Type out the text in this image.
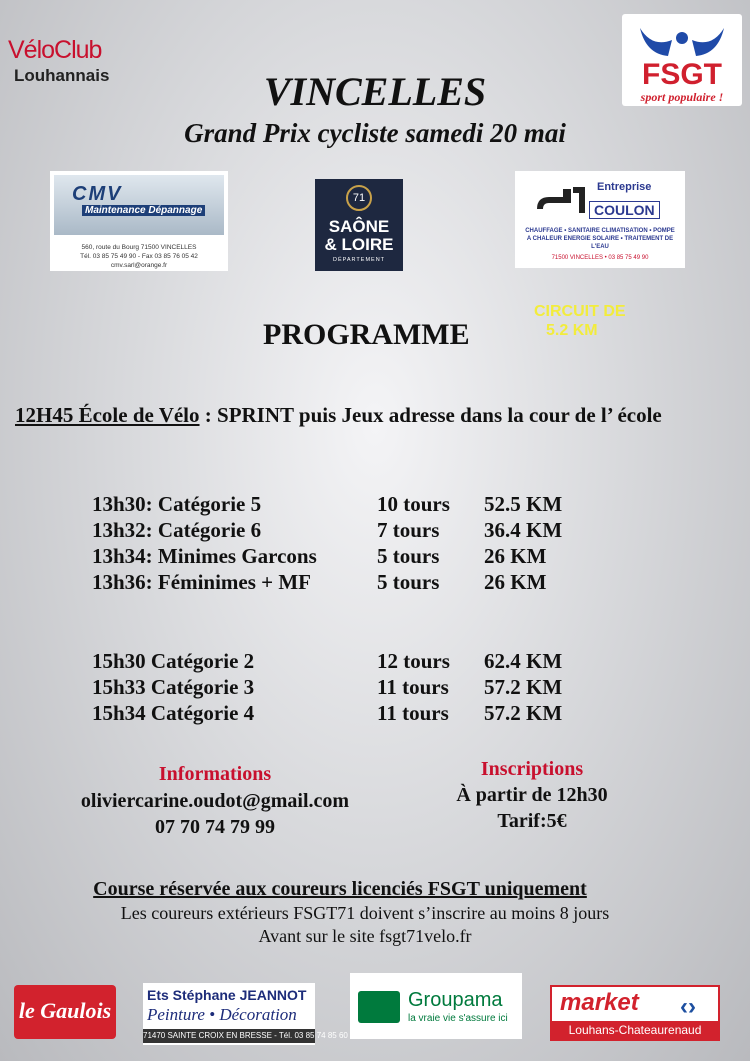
VéloClub
Louhannais	FSGT
sport populaire !
VINCELLES
Grand Prix cycliste samedi 20 mai
CMV
Maintenance Dépannage
560, route du Bourg 71500 VINCELLES
Tél. 03 85 75 49 90 - Fax 03 85 76 05 42
cmv.sarl@orange.fr
71
SAÔNE
& LOIRE
DÉPARTEMENT
Entreprise
COULON
CHAUFFAGE • SANITAIRE CLIMATISATION • POMPE A CHALEUR ENERGIE SOLAIRE • TRAITEMENT DE L'EAU
71500 VINCELLES • 03 85 75 49 90
CIRCUIT DE
5.2 KM
PROGRAMME
12H45 École de Vélo : SPRINT puis Jeux adresse dans la cour de l’ école
13h30: Catégorie 5	10 tours 52.5 KM
13h32: Catégorie 6	7 tours 36.4 KM
13h34: Minimes Garcons	5 tours 26 KM
13h36: Féminimes + MF	5 tours 26 KM
15h30 Catégorie 2	12 tours 62.4 KM
15h33 Catégorie 3	11 tours 57.2 KM
15h34 Catégorie 4	11 tours 57.2 KM
Informations
oliviercarine.oudot@gmail.com
07 70 74 79 99
Inscriptions
À partir de 12h30
Tarif:5€
Course réservée aux coureurs licenciés FSGT uniquement
Les coureurs extérieurs FSGT71 doivent s’inscrire au moins 8 jours
Avant sur le site fsgt71velo.fr
le Gaulois
Ets Stéphane JEANNOT
Peinture • Décoration
71470 SAINTE CROIX EN BRESSE - Tél. 03 85 74 85 60
Groupama
la vraie vie s'assure ici
market ‹›
Louhans-Chateaurenaud
